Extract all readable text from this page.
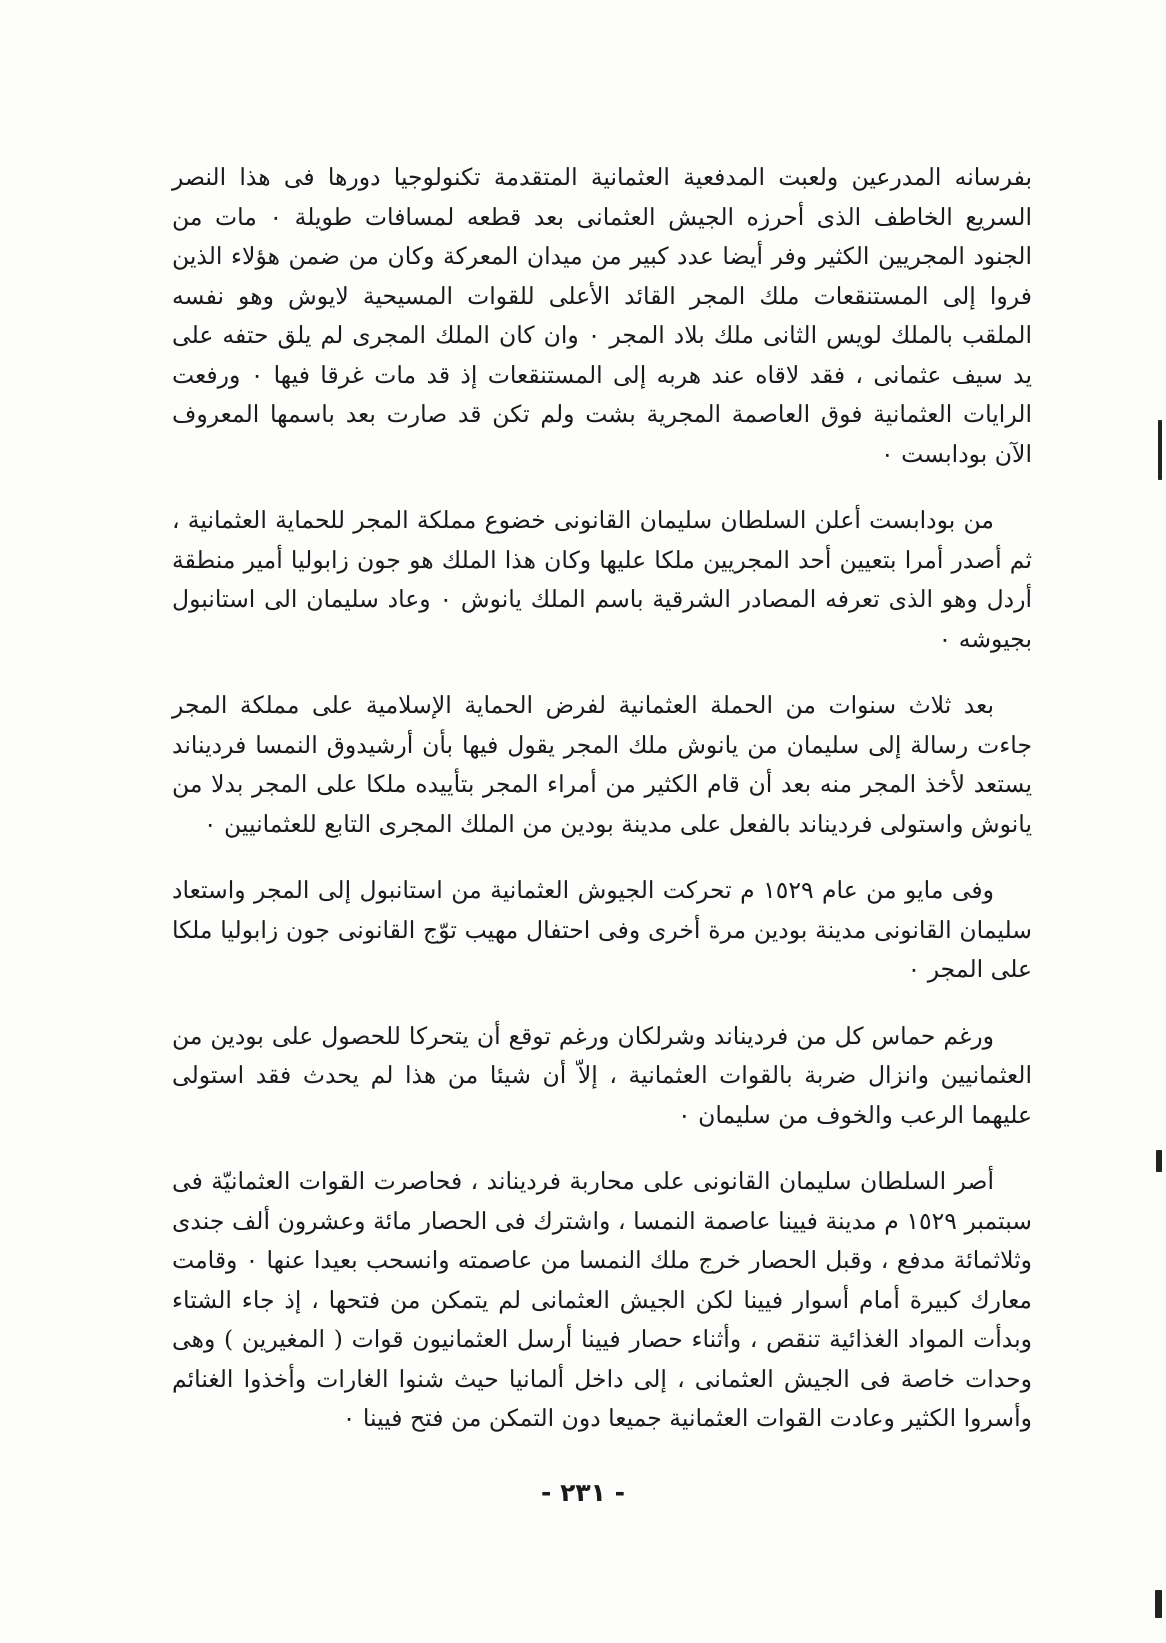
بفرسانه المدرعين ولعبت المدفعية العثمانية المتقدمة تكنولوجيا دورها فى هذا النصر السريع الخاطف الذى أحرزه الجيش العثمانى بعد قطعه لمسافات طويلة ٠ مات من الجنود المجريين الكثير وفر أيضا عدد كبير من ميدان المعركة وكان من ضمن هؤلاء الذين فروا إلى المستنقعات ملك المجر القائد الأعلى للقوات المسيحية لايوش وهو نفسه الملقب بالملك لويس الثانى ملك بلاد المجر ٠ وان كان الملك المجرى لم يلق حتفه على يد سيف عثمانى ، فقد لاقاه عند هربه إلى المستنقعات إذ قد مات غرقا فيها ٠ ورفعت الرايات العثمانية فوق العاصمة المجرية بشت ولم تكن قد صارت بعد باسمها المعروف الآن بودابست ٠

من بودابست أعلن السلطان سليمان القانونى خضوع مملكة المجر للحماية العثمانية ، ثم أصدر أمرا بتعيين أحد المجريين ملكا عليها وكان هذا الملك هو جون زابوليا أمير منطقة أردل وهو الذى تعرفه المصادر الشرقية باسم الملك يانوش ٠ وعاد سليمان الى استانبول بجيوشه ٠

بعد ثلاث سنوات من الحملة العثمانية لفرض الحماية الإسلامية على مملكة المجر جاءت رسالة إلى سليمان من يانوش ملك المجر يقول فيها بأن أرشيدوق النمسا فرديناند يستعد لأخذ المجر منه بعد أن قام الكثير من أمراء المجر بتأييده ملكا على المجر بدلا من يانوش واستولى فرديناند بالفعل على مدينة بودين من الملك المجرى التابع للعثمانيين ٠

وفى مايو من عام ١٥٢٩ م تحركت الجيوش العثمانية من استانبول إلى المجر واستعاد سليمان القانونى مدينة بودين مرة أخرى وفى احتفال مهيب توّج القانونى جون زابوليا ملكا على المجر ٠

ورغم حماس كل من فرديناند وشرلكان ورغم توقع أن يتحركا للحصول على بودين من العثمانيين وانزال ضربة بالقوات العثمانية ، إلاّ أن شيئا من هذا لم يحدث فقد استولى عليهما الرعب والخوف من سليمان ٠

أصر السلطان سليمان القانونى على محاربة فرديناند ، فحاصرت القوات العثمانيّة فى سبتمبر ١٥٢٩ م مدينة فيينا عاصمة النمسا ، واشترك فى الحصار مائة وعشرون ألف جندى وثلاثمائة مدفع ، وقبل الحصار خرج ملك النمسا من عاصمته وانسحب بعيدا عنها ٠ وقامت معارك كبيرة أمام أسوار فيينا لكن الجيش العثمانى لم يتمكن من فتحها ، إذ جاء الشتاء وبدأت المواد الغذائية تنقص ، وأثناء حصار فيينا أرسل العثمانيون قوات ( المغيرين ) وهى وحدات خاصة فى الجيش العثمانى ، إلى داخل ألمانيا حيث شنوا الغارات وأخذوا الغنائم وأسروا الكثير وعادت القوات العثمانية جميعا دون التمكن من فتح فيينا ٠

- ٢٣١ -
